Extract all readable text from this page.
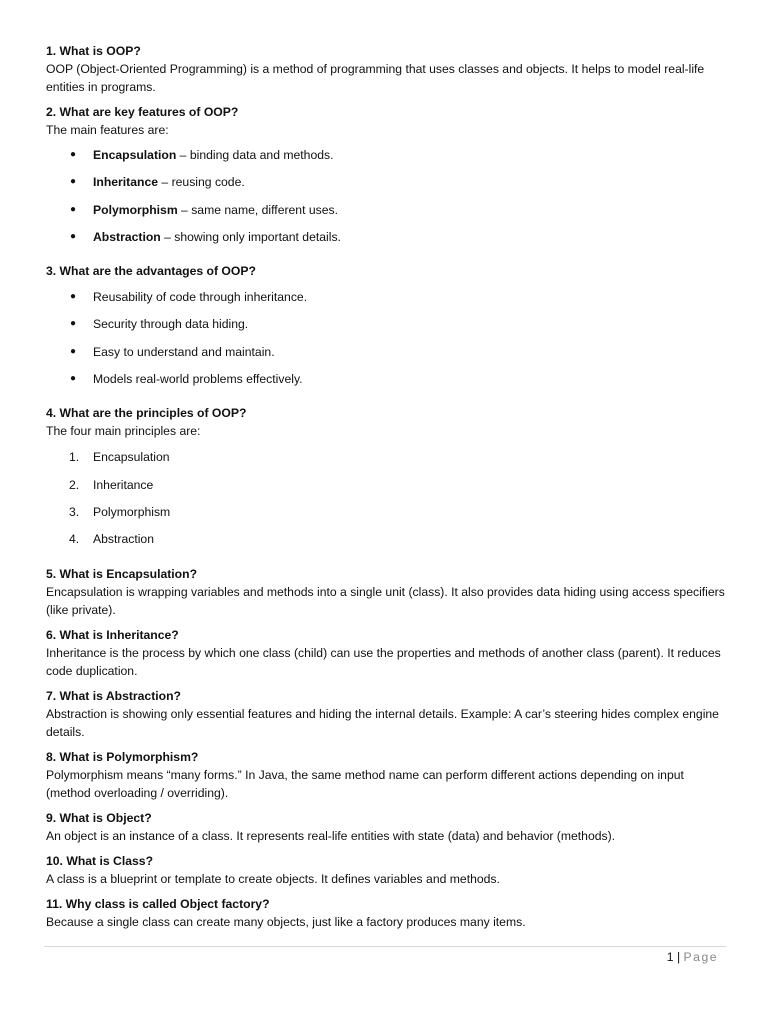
1. What is OOP?
OOP (Object-Oriented Programming) is a method of programming that uses classes and objects. It helps to model real-life entities in programs.
2. What are key features of OOP?
The main features are:
● Encapsulation – binding data and methods.
● Inheritance – reusing code.
● Polymorphism – same name, different uses.
● Abstraction – showing only important details.
3. What are the advantages of OOP?
● Reusability of code through inheritance.
● Security through data hiding.
● Easy to understand and maintain.
● Models real-world problems effectively.
4. What are the principles of OOP?
The four main principles are:
1. Encapsulation
2. Inheritance
3. Polymorphism
4. Abstraction
5. What is Encapsulation?
Encapsulation is wrapping variables and methods into a single unit (class). It also provides data hiding using access specifiers (like private).
6. What is Inheritance?
Inheritance is the process by which one class (child) can use the properties and methods of another class (parent). It reduces code duplication.
7. What is Abstraction?
Abstraction is showing only essential features and hiding the internal details. Example: A car’s steering hides complex engine details.
8. What is Polymorphism?
Polymorphism means “many forms.” In Java, the same method name can perform different actions depending on input (method overloading / overriding).
9. What is Object?
An object is an instance of a class. It represents real-life entities with state (data) and behavior (methods).
10. What is Class?
A class is a blueprint or template to create objects. It defines variables and methods.
11. Why class is called Object factory?
Because a single class can create many objects, just like a factory produces many items.
1 | Page
